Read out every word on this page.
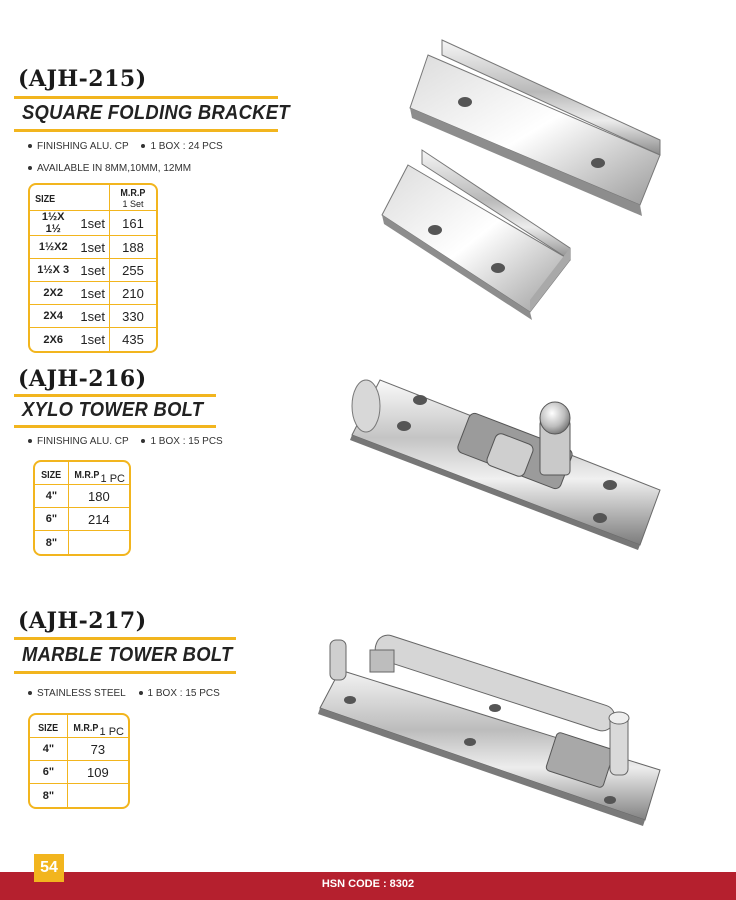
(AJH-215)
SQUARE FOLDING BRACKET
FINISHING ALU. CP 1 BOX : 24 PCS
AVAILABLE IN 8MM,10MM, 12MM
SIZE		M.R.P
1 Set
1½X 1½	1set	161
1½X2	1set	188
1½X 3	1set	255
2X2	1set	210
2X4	1set	330
2X6	1set	435
(AJH-216)
XYLO TOWER BOLT
FINISHING ALU. CP 1 BOX : 15 PCS
SIZE	$M.R.P_{1 PC}$
4"	180
6"	214
8"	
(AJH-217)
MARBLE TOWER BOLT
STAINLESS STEEL 1 BOX : 15 PCS
SIZE	$M.R.P_{1 PC}$
4"	73
6"	109
8"	
HSN CODE : 8302
54
